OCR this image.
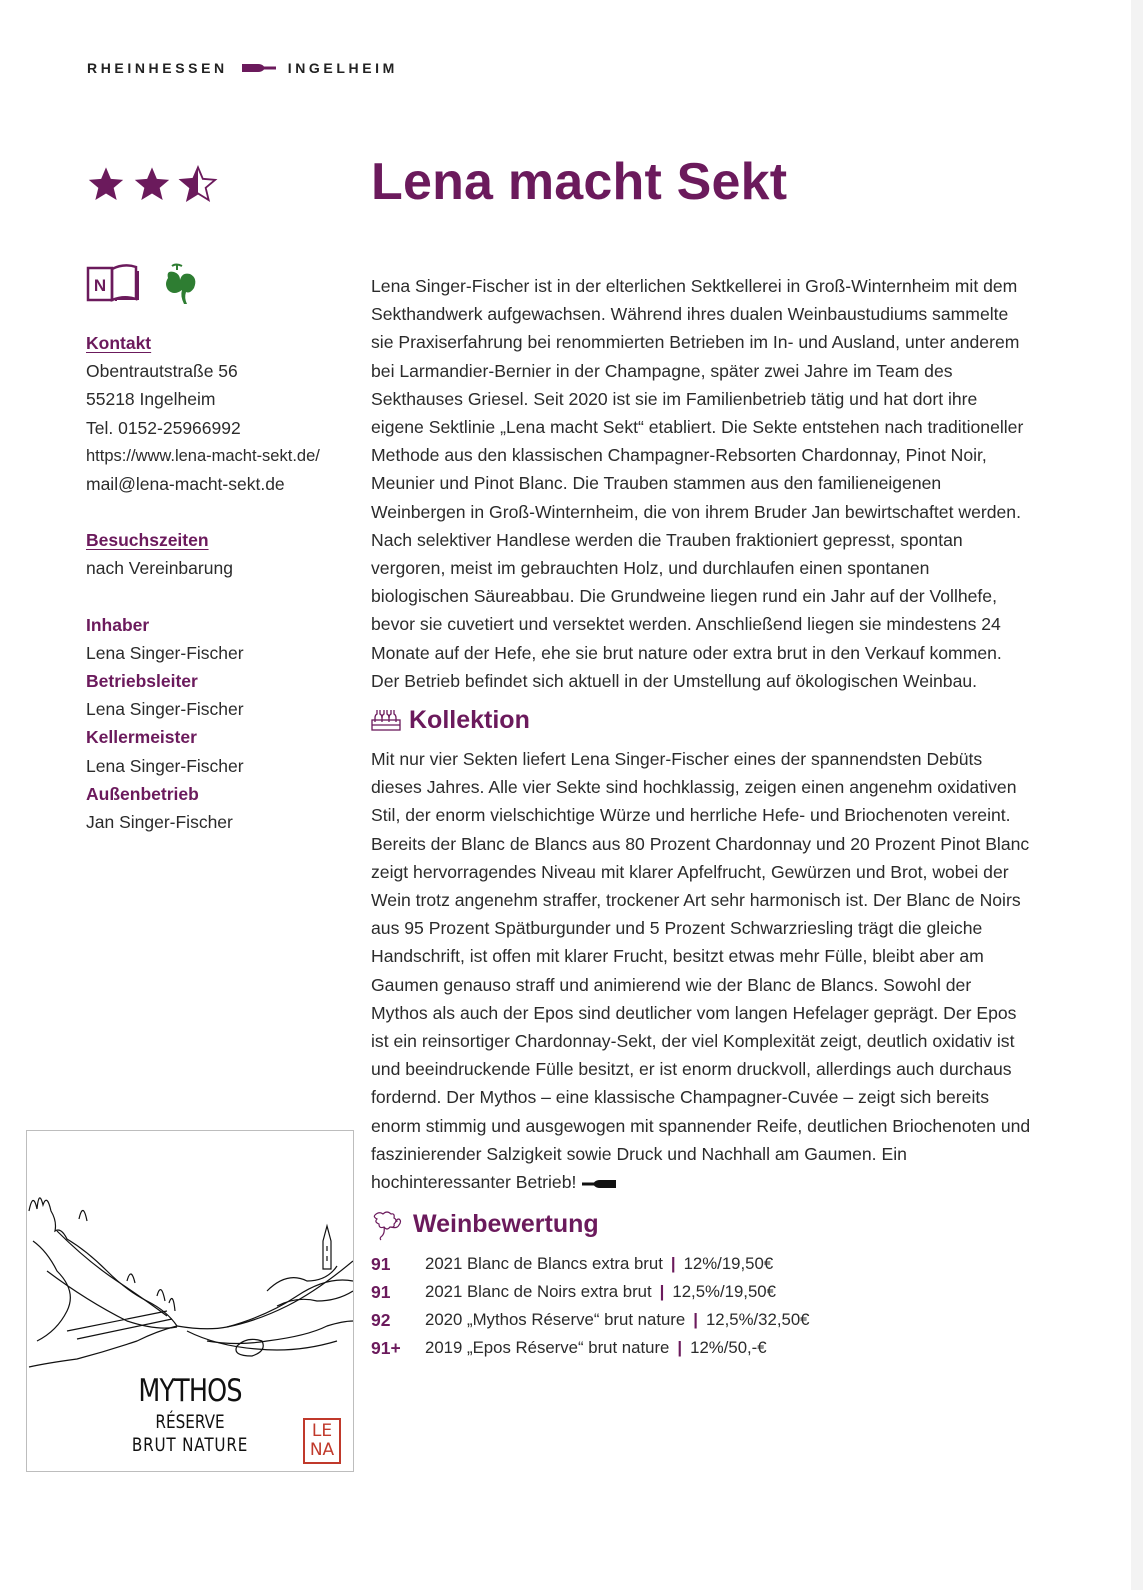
RHEINHESSEN	INGELHEIM
Lena macht Sekt
N
Kontakt
Obentrautstraße 56
55218 Ingelheim
Tel. 0152-25966992
https://www.lena-macht-sekt.de/
mail@lena-macht-sekt.de
Besuchszeiten
nach Vereinbarung
Inhaber
Lena Singer-Fischer
Betriebsleiter
Lena Singer-Fischer
Kellermeister
Lena Singer-Fischer
Außenbetrieb
Jan Singer-Fischer

Lena Singer-Fischer ist in der elterlichen Sektkellerei in Groß-Winternheim mit dem Sekthandwerk aufgewachsen. Während ihres dualen Weinbaustudiums sammelte sie Praxiserfahrung bei renommierten Betrieben im In- und Ausland, unter anderem bei Larmandier-Bernier in der Champagne, später zwei Jahre im Team des Sekthauses Griesel. Seit 2020 ist sie im Familienbetrieb tätig und hat dort ihre eigene Sektlinie „Lena macht Sekt“ etabliert. Die Sekte entstehen nach traditioneller Methode aus den klassischen Champagner-Rebsorten Chardonnay, Pinot Noir, Meunier und Pinot Blanc. Die Trauben stammen aus den familieneigenen Weinbergen in Groß-Winternheim, die von ihrem Bruder Jan bewirtschaftet werden. Nach selektiver Handlese werden die Trauben fraktioniert gepresst, spontan vergoren, meist im gebrauchten Holz, und durchlaufen einen spontanen biologischen Säureabbau. Die Grundweine liegen rund ein Jahr auf der Vollhefe, bevor sie cuvetiert und versektet werden. Anschließend liegen sie mindestens 24 Monate auf der Hefe, ehe sie brut nature oder extra brut in den Verkauf kommen. Der Betrieb befindet sich aktuell in der Umstellung auf ökologischen Weinbau.

Kollektion

Mit nur vier Sekten liefert Lena Singer-Fischer eines der spannendsten Debüts dieses Jahres. Alle vier Sekte sind hochklassig, zeigen einen angenehm oxidativen Stil, der enorm vielschichtige Würze und herrliche Hefe- und Briochenoten vereint. Bereits der Blanc de Blancs aus 80 Prozent Chardonnay und 20 Prozent Pinot Blanc zeigt hervorragendes Niveau mit klarer Apfelfrucht, Gewürzen und Brot, wobei der Wein trotz angenehm straffer, trockener Art sehr harmonisch ist. Der Blanc de Noirs aus 95 Prozent Spätburgunder und 5 Prozent Schwarzriesling trägt die gleiche Handschrift, ist offen mit klarer Frucht, besitzt etwas mehr Fülle, bleibt aber am Gaumen genauso straff und animierend wie der Blanc de Blancs. Sowohl der Mythos als auch der Epos sind deutlicher vom langen Hefelager geprägt. Der Epos ist ein reinsortiger Chardonnay-Sekt, der viel Komplexität zeigt, deutlich oxidativ ist und beeindruckende Fülle besitzt, er ist enorm druckvoll, allerdings auch durchaus fordernd. Der Mythos – eine klassische Champagner-Cuvée – zeigt sich bereits enorm stimmig und ausgewogen mit spannender Reife, deutlichen Briochenoten und faszinierender Salzigkeit sowie Druck und Nachhall am Gaumen. Ein hochinteressanter Betrieb!

Weinbewertung
91	2021 Blanc de Blancs extra brut | 12%/19,50€
91	2021 Blanc de Noirs extra brut | 12,5%/19,50€
92	2020 „Mythos Réserve“ brut nature | 12,5%/32,50€
91+	2019 „Epos Réserve“ brut nature | 12%/50,-€
MYTHOS
RÉSERVE
BRUT NATURE
LE
NA
